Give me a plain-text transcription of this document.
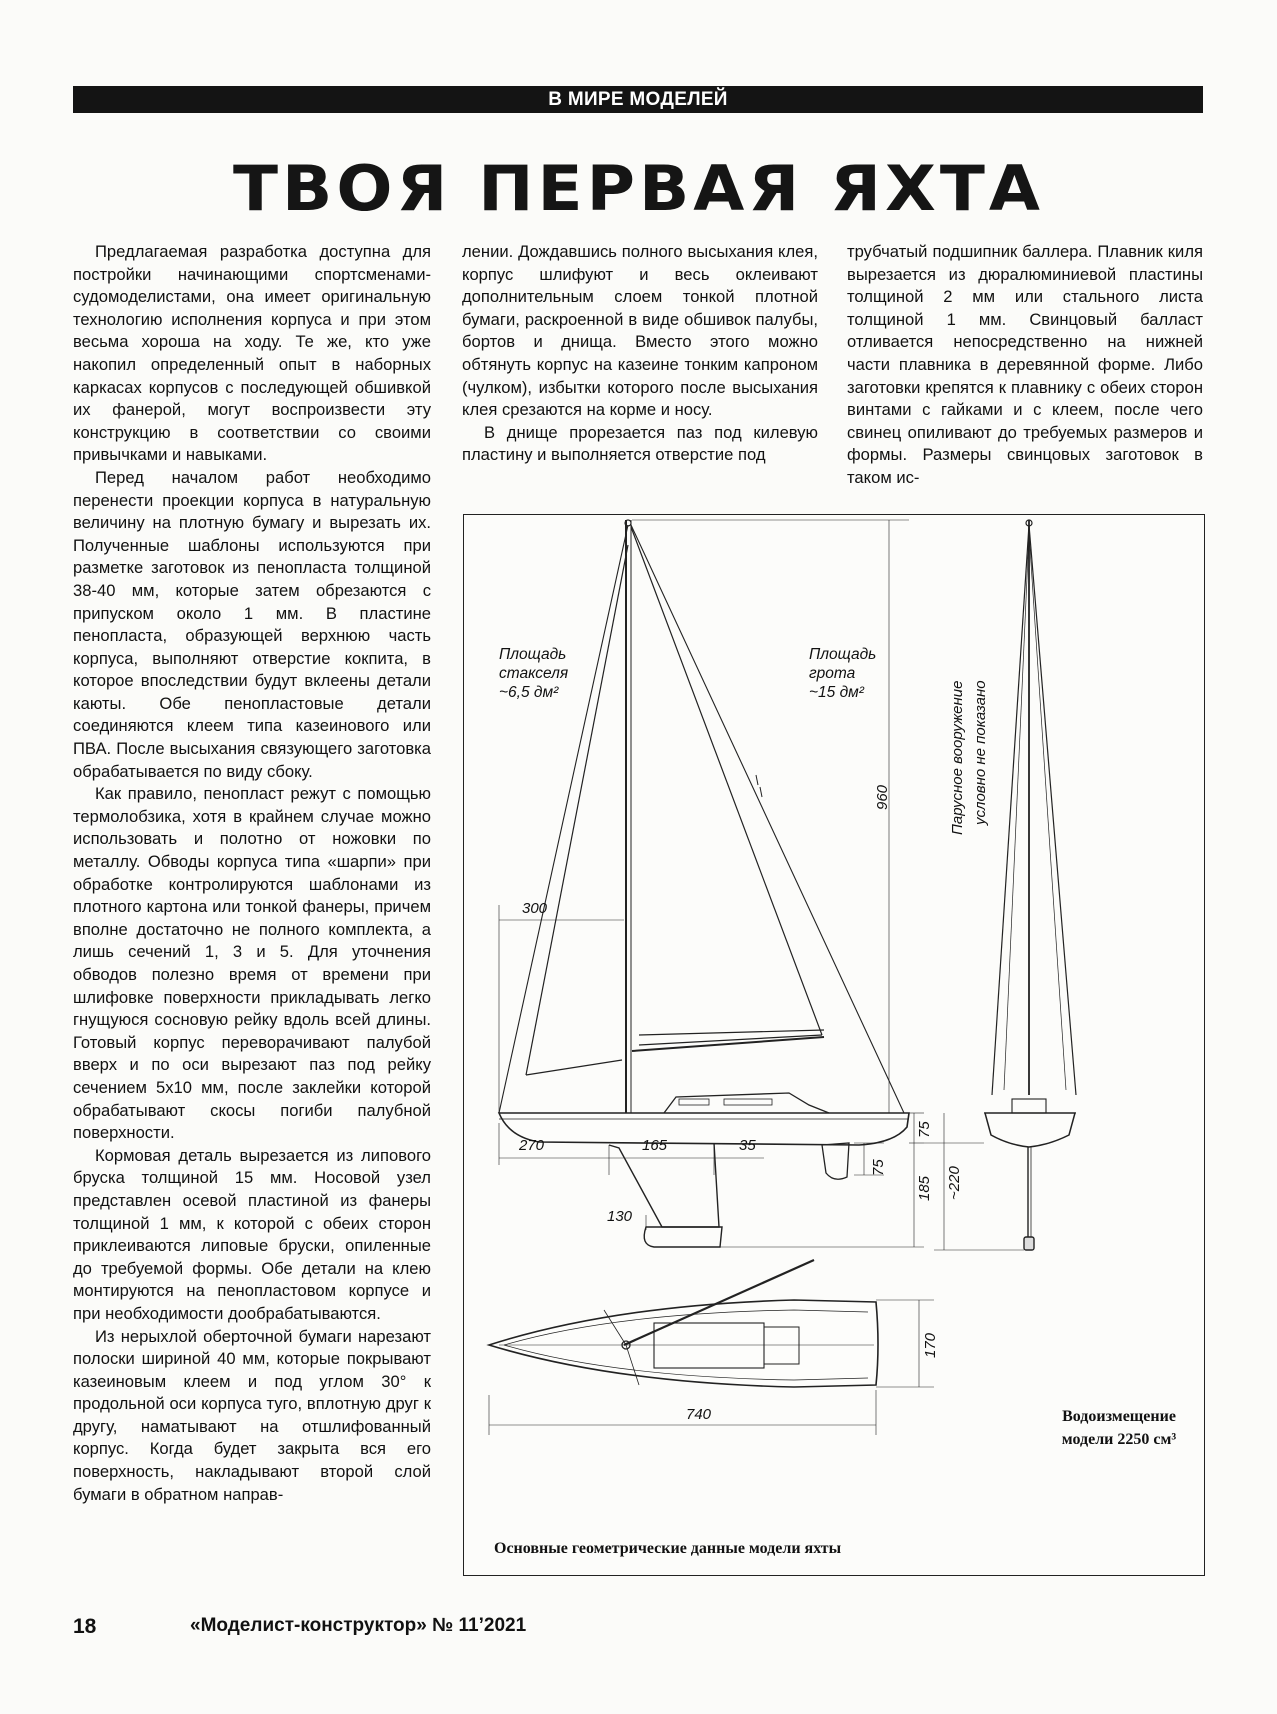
В МИРЕ МОДЕЛЕЙ
ТВОЯ ПЕРВАЯ ЯХТА

Предлагаемая разработка доступна для постройки начинающими спортсменами-судомоделистами, она имеет оригинальную технологию исполнения корпуса и при этом весьма хороша на ходу. Те же, кто уже накопил определенный опыт в наборных каркасах корпусов с последующей обшивкой их фанерой, могут воспроизвести эту конструкцию в соответствии со своими привычками и навыками.

Перед началом работ необходимо перенести проекции корпуса в натуральную величину на плотную бумагу и вырезать их. Полученные шаблоны используются при разметке заготовок из пенопласта толщиной 38-40 мм, которые затем обрезаются с припуском около 1 мм. В пластине пенопласта, образующей верхнюю часть корпуса, выполняют отверстие кокпита, в которое впоследствии будут вклеены детали каюты. Обе пенопластовые детали соединяются клеем типа казеинового или ПВА. После высыхания связующего заготовка обрабатывается по виду сбоку.

Как правило, пенопласт режут с помощью термолобзика, хотя в крайнем случае можно использовать и полотно от ножовки по металлу. Обводы корпуса типа «шарпи» при обработке контролируются шаблонами из плотного картона или тонкой фанеры, причем вполне достаточно не полного комплекта, а лишь сечений 1, 3 и 5. Для уточнения обводов полезно время от времени при шлифовке поверхности прикладывать легко гнущуюся сосновую рейку вдоль всей длины. Готовый корпус переворачивают палубой вверх и по оси вырезают паз под рейку сечением 5х10 мм, после заклейки которой обрабатывают скосы погиби палубной поверхности.

Кормовая деталь вырезается из липового бруска толщиной 15 мм. Носовой узел представлен осевой пластиной из фанеры толщиной 1 мм, к которой с обеих сторон приклеиваются липовые бруски, опиленные до требуемой формы. Обе детали на клею монтируются на пенопластовом корпусе и при необходимости дообрабатываются.

Из нерыхлой оберточной бумаги нарезают полоски шириной 40 мм, которые покрывают казеиновым клеем и под углом 30° к продольной оси корпуса туго, вплотную друг к другу, наматывают на отшлифованный корпус. Когда будет закрыта вся его поверхность, накладывают второй слой бумаги в обратном направ-

лении. Дождавшись полного высыхания клея, корпус шлифуют и весь оклеивают дополнительным слоем тонкой плотной бумаги, раскроенной в виде обшивок палубы, бортов и днища. Вместо этого можно обтянуть корпус на казеине тонким капроном (чулком), избытки которого после высыхания клея срезаются на корме и носу.

В днище прорезается паз под килевую пластину и выполняется отверстие под

трубчатый подшипник баллера. Плавник киля вырезается из дюралюминиевой пластины толщиной 2 мм или стального листа толщиной 1 мм. Свинцовый балласт отливается непосредственно на нижней части плавника в деревянной форме. Либо заготовки крепятся к плавнику с обеих сторон винтами с гайками и с клеем, после чего свинец опиливают до требуемых размеров и формы. Размеры свинцовых заготовок в таком ис-

Площадь
стакселя
~6,5 дм²
Площадь
грота
~15 дм²	Парусное вооружение условно не показано
960
300
270	165	35
130
75
75
185 ~220
170
740	Водоизмещение
модели 2250 см³
Основные геометрические данные модели яхты
18	«Моделист-конструктор» № 11’2021
